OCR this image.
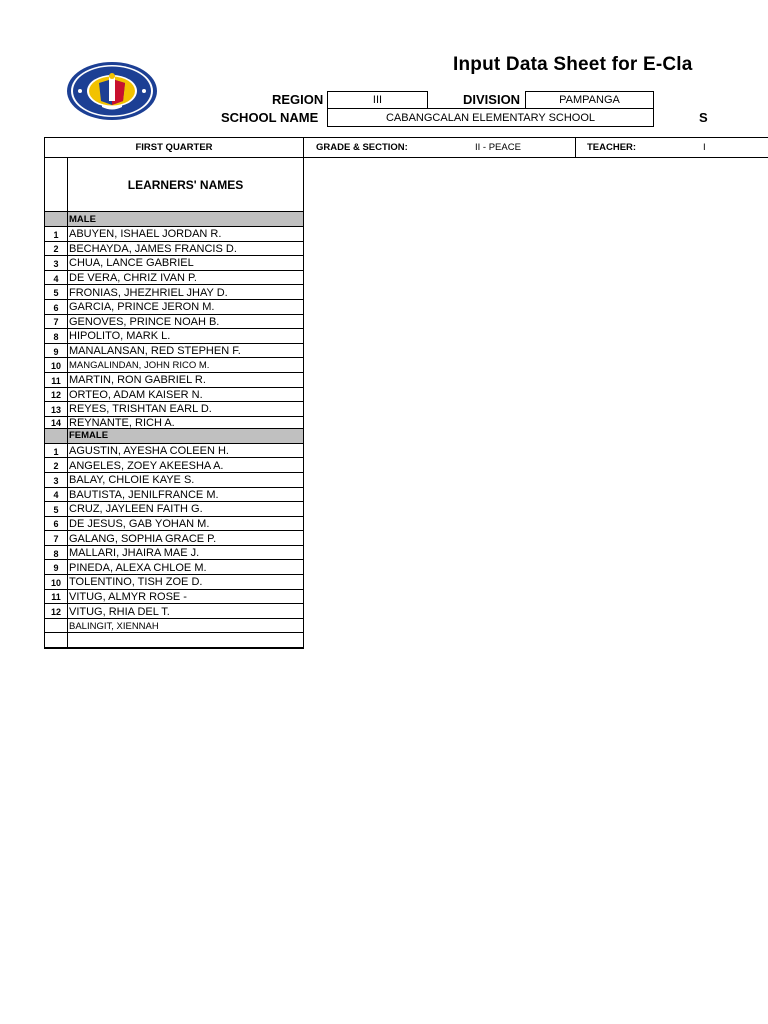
Input Data Sheet for E-Cla
REGION	III	DIVISION	PAMPANGA
SCHOOL NAME	CABANGCALAN ELEMENTARY SCHOOL	S
FIRST QUARTER	GRADE & SECTION:	II - PEACE	TEACHER:	I
LEARNERS' NAMES
MALE
1 ABUYEN, ISHAEL JORDAN R.
2 BECHAYDA, JAMES FRANCIS D.
3 CHUA, LANCE GABRIEL
4 DE VERA, CHRIZ IVAN P.
5 FRONIAS, JHEZHRIEL JHAY D.
6 GARCIA, PRINCE JERON M.
7 GENOVES, PRINCE NOAH B.
8 HIPOLITO, MARK L.
9 MANALANSAN, RED STEPHEN F.
10 MANGALINDAN, JOHN RICO M.
11 MARTIN, RON GABRIEL R.
12 ORTEO, ADAM KAISER N.
13 REYES, TRISHTAN EARL D.
14 REYNANTE, RICH A.
FEMALE
1 AGUSTIN, AYESHA COLEEN H.
2 ANGELES, ZOEY AKEESHA A.
3 BALAY, CHLOIE KAYE S.
4 BAUTISTA, JENILFRANCE M.
5 CRUZ, JAYLEEN FAITH G.
6 DE JESUS, GAB YOHAN M.
7 GALANG, SOPHIA GRACE P.
8 MALLARI, JHAIRA MAE J.
9 PINEDA, ALEXA CHLOE M.
10 TOLENTINO, TISH ZOE D.
11 VITUG, ALMYR ROSE -
12 VITUG, RHIA DEL T.
BALINGIT, XIENNAH
